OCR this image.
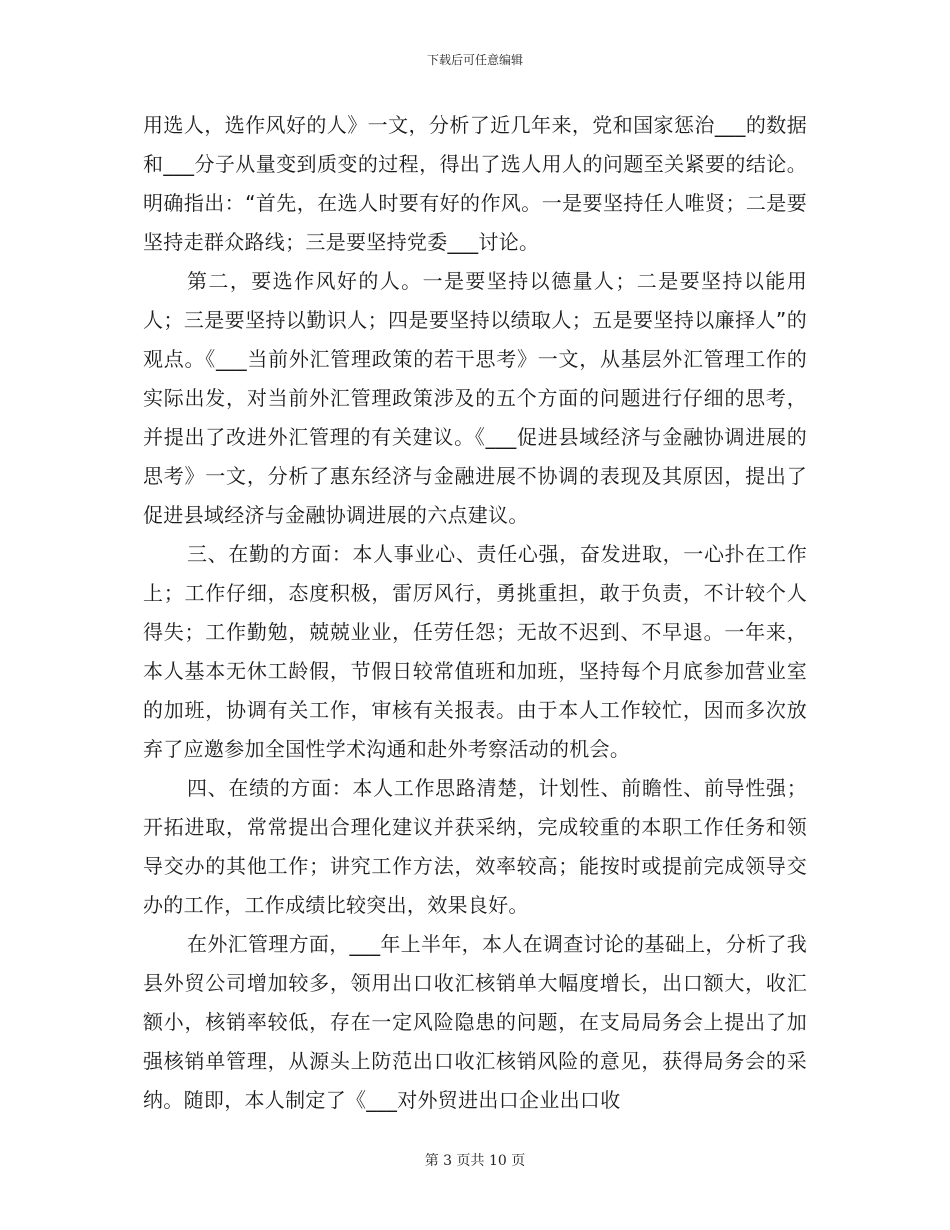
下载后可任意编辑

用选人，选作风好的人》一文，分析了近几年来，党和国家惩治___的数据和___分子从量变到质变的过程，得出了选人用人的问题至关紧要的结论。明确指出：“首先，在选人时要有好的作风。一是要坚持任人唯贤；二是要坚持走群众路线；三是要坚持党委___讨论。

第二，要选作风好的人。一是要坚持以德量人；二是要坚持以能用人；三是要坚持以勤识人；四是要坚持以绩取人；五是要坚持以廉择人”的观点。《___当前外汇管理政策的若干思考》一文，从基层外汇管理工作的实际出发，对当前外汇管理政策涉及的五个方面的问题进行仔细的思考，并提出了改进外汇管理的有关建议。《___促进县域经济与金融协调进展的思考》一文，分析了惠东经济与金融进展不协调的表现及其原因，提出了促进县域经济与金融协调进展的六点建议。

三、在勤的方面：本人事业心、责任心强，奋发进取，一心扑在工作上；工作仔细，态度积极，雷厉风行，勇挑重担，敢于负责，不计较个人得失；工作勤勉，兢兢业业，任劳任怨；无故不迟到、不早退。一年来，本人基本无休工龄假，节假日较常值班和加班，坚持每个月底参加营业室的加班，协调有关工作，审核有关报表。由于本人工作较忙，因而多次放弃了应邀参加全国性学术沟通和赴外考察活动的机会。

四、在绩的方面：本人工作思路清楚，计划性、前瞻性、前导性强；开拓进取，常常提出合理化建议并获采纳，完成较重的本职工作任务和领导交办的其他工作；讲究工作方法，效率较高；能按时或提前完成领导交办的工作，工作成绩比较突出，效果良好。

在外汇管理方面，___年上半年，本人在调查讨论的基础上，分析了我县外贸公司增加较多，领用出口收汇核销单大幅度增长，出口额大，收汇额小，核销率较低，存在一定风险隐患的问题，在支局局务会上提出了加强核销单管理，从源头上防范出口收汇核销风险的意见，获得局务会的采纳。随即，本人制定了《___对外贸进出口企业出口收

第 3 页共 10 页
